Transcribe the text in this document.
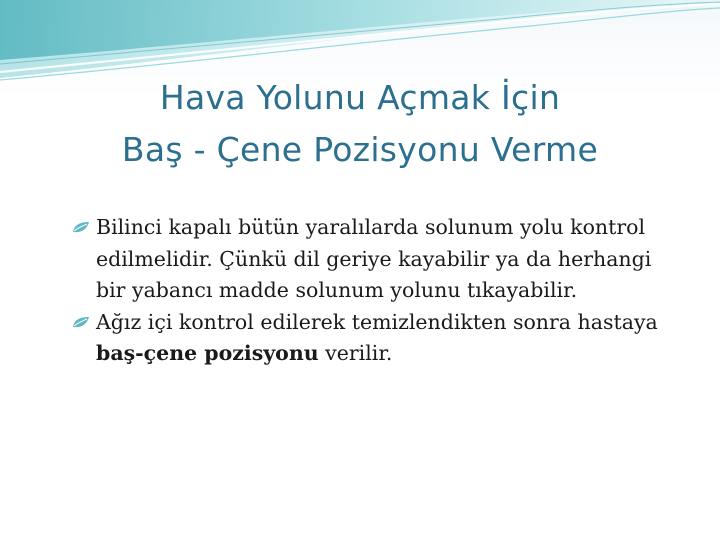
Hava Yolunu Açmak İçin
Baş - Çene Pozisyonu Verme

Bilinci kapalı bütün yaralılarda solunum yolu kontrol edilmelidir. Çünkü dil geriye kayabilir ya da herhangi bir yabancı madde solunum yolunu tıkayabilir.

Ağız içi kontrol edilerek temizlendikten sonra hastaya baş-çene pozisyonu verilir.
